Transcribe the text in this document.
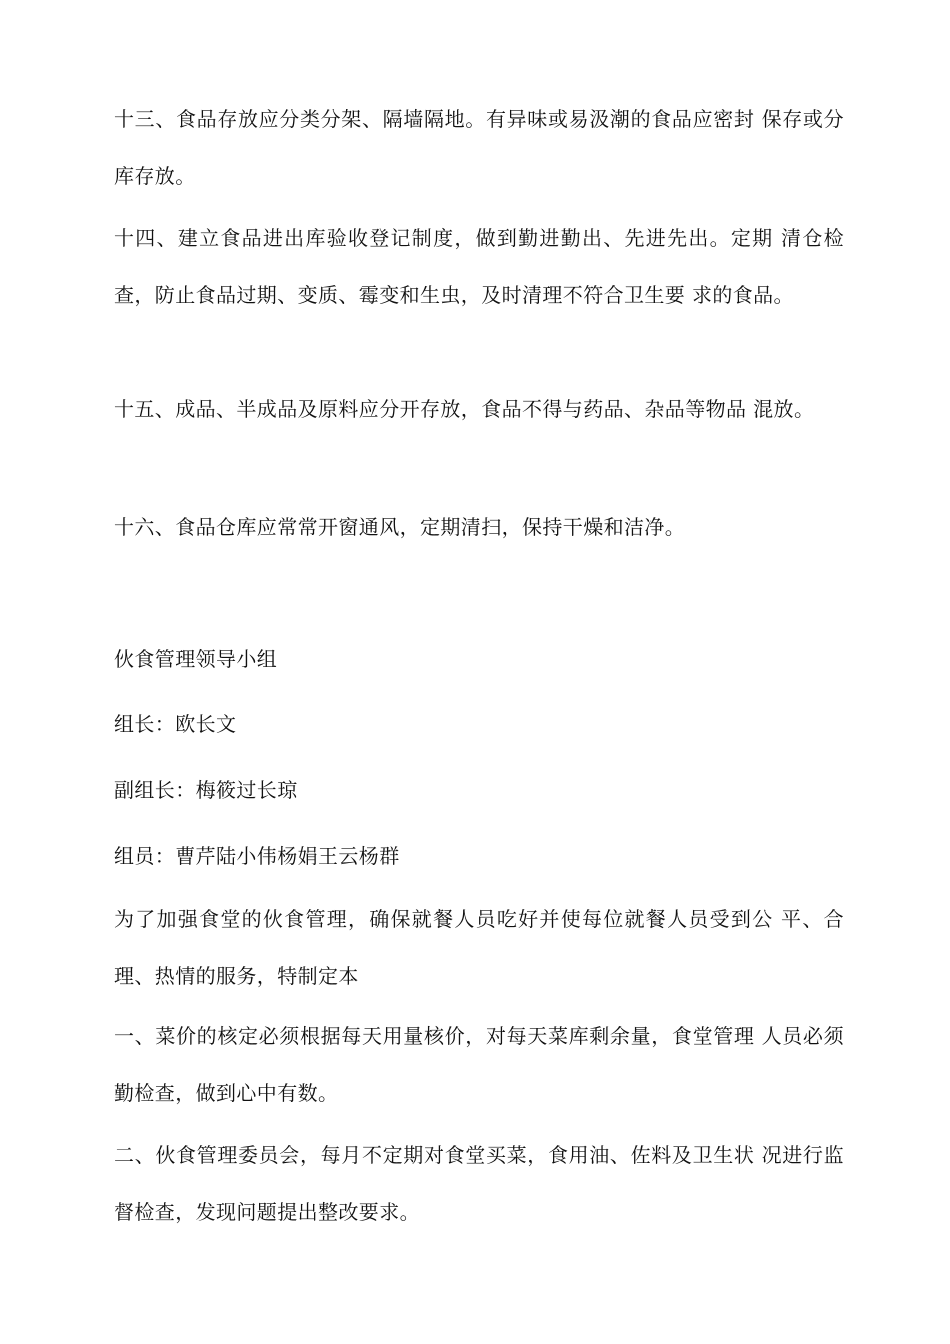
十三、食品存放应分类分架、隔墙隔地。有异味或易汲潮的食品应密封 保存或分库存放。

十四、建立食品进出库验收登记制度，做到勤进勤出、先进先出。定期 清仓检查，防止食品过期、变质、霉变和生虫，及时清理不符合卫生要 求的食品。

十五、成品、半成品及原料应分开存放，食品不得与药品、杂品等物品 混放。

十六、食品仓库应常常开窗通风，定期清扫，保持干燥和洁净。

伙食管理领导小组

组长：欧长文

副组长：梅筱过长琼

组员：曹芹陆小伟杨娟王云杨群

为了加强食堂的伙食管理，确保就餐人员吃好并使每位就餐人员受到公 平、合理、热情的服务，特制定本

一、菜价的核定必须根据每天用量核价，对每天菜库剩余量，食堂管理 人员必须勤检查，做到心中有数。

二、伙食管理委员会，每月不定期对食堂买菜，食用油、佐料及卫生状 况进行监督检查，发现问题提出整改要求。
